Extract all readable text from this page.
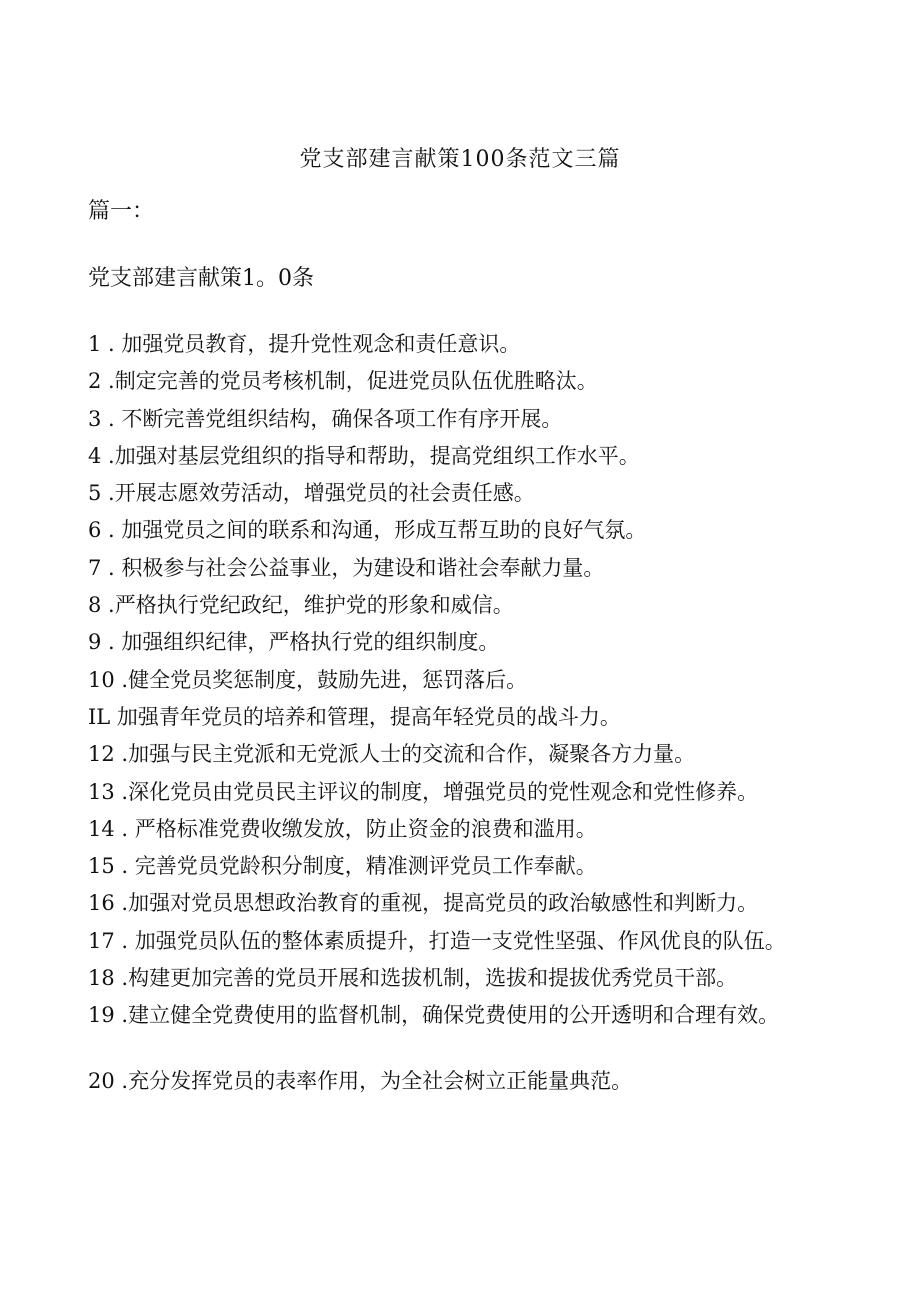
党支部建言献策100条范文三篇
篇一：
党支部建言献策1。0条
1 . 加强党员教育，提升党性观念和责任意识。
2 .制定完善的党员考核机制，促进党员队伍优胜略汰。
3 . 不断完善党组织结构，确保各项工作有序开展。
4 .加强对基层党组织的指导和帮助，提高党组织工作水平。
5 .开展志愿效劳活动，增强党员的社会责任感。
6 . 加强党员之间的联系和沟通，形成互帮互助的良好气氛。
7 . 积极参与社会公益事业，为建设和谐社会奉献力量。
8 .严格执行党纪政纪，维护党的形象和威信。
9 . 加强组织纪律，严格执行党的组织制度。
10 .健全党员奖惩制度，鼓励先进，惩罚落后。
IL 加强青年党员的培养和管理，提高年轻党员的战斗力。
12 .加强与民主党派和无党派人士的交流和合作，凝聚各方力量。
13 .深化党员由党员民主评议的制度，增强党员的党性观念和党性修养。
14 . 严格标准党费收缴发放，防止资金的浪费和滥用。
15 . 完善党员党龄积分制度，精准测评党员工作奉献。
16 .加强对党员思想政治教育的重视，提高党员的政治敏感性和判断力。
17 . 加强党员队伍的整体素质提升，打造一支党性坚强、作风优良的队伍。
18 .构建更加完善的党员开展和选拔机制，选拔和提拔优秀党员干部。
19 .建立健全党费使用的监督机制，确保党费使用的公开透明和合理有效。
20 .充分发挥党员的表率作用，为全社会树立正能量典范。
